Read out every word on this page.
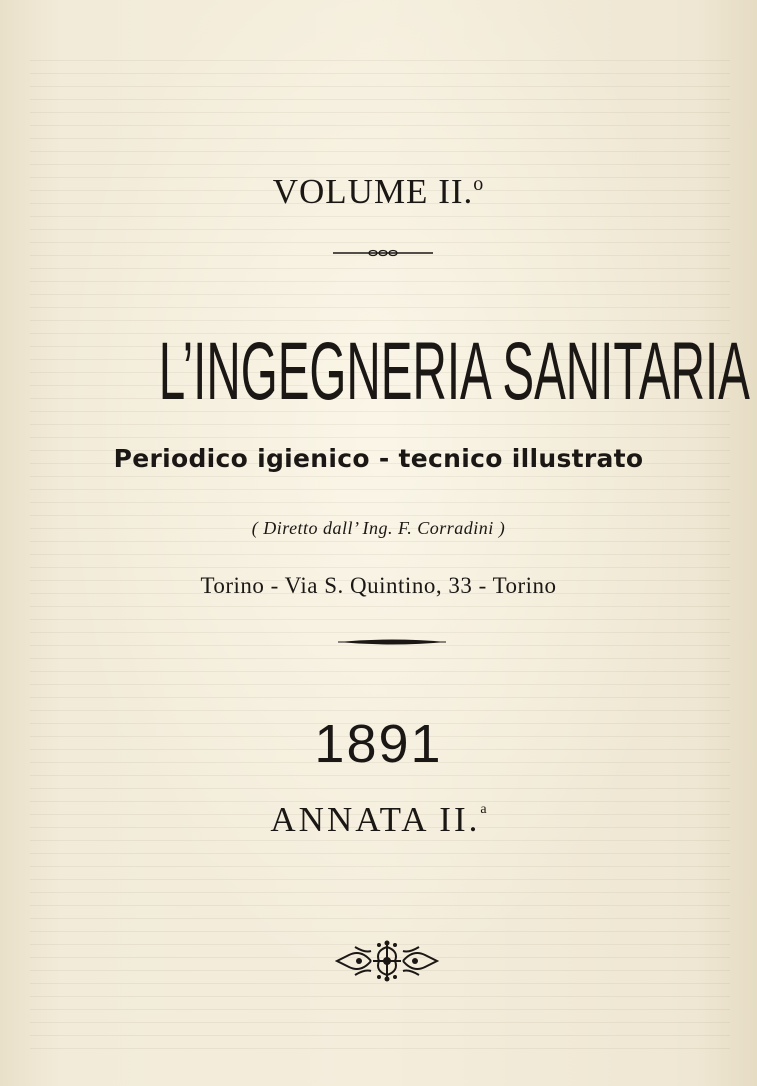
VOLUME II.$^o$
L’INGEGNERIA SANITARIA
Periodico igienico - tecnico illustrato
( Diretto dall’ Ing. F. Corradini )
Torino - Via S. Quintino, 33 - Torino
1891
ANNATA II.$^a$
